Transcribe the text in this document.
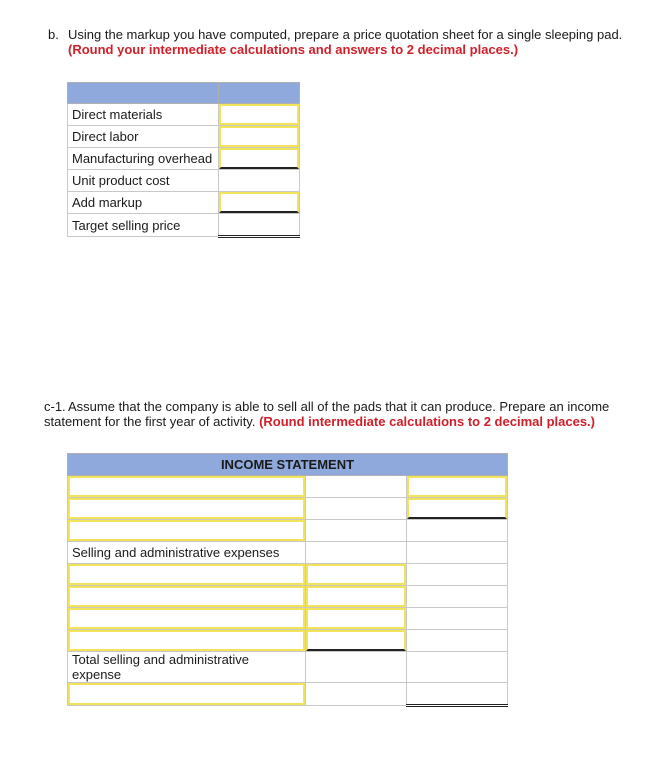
b. Using the markup you have computed, prepare a price quotation sheet for a single sleeping pad.
(Round your intermediate calculations and answers to 2 decimal places.)

Direct materials	

Direct labor	

Manufacturing overhead	

Unit product cost	
Add markup	

Target selling price	
c-1. Assume that the company is able to sell all of the pads that it can produce. Prepare an income statement for the first year of activity. (Round intermediate calculations to 2 decimal places.)
INCOME STATEMENT		

Selling and administrative expenses		

Total selling and administrative expense		
